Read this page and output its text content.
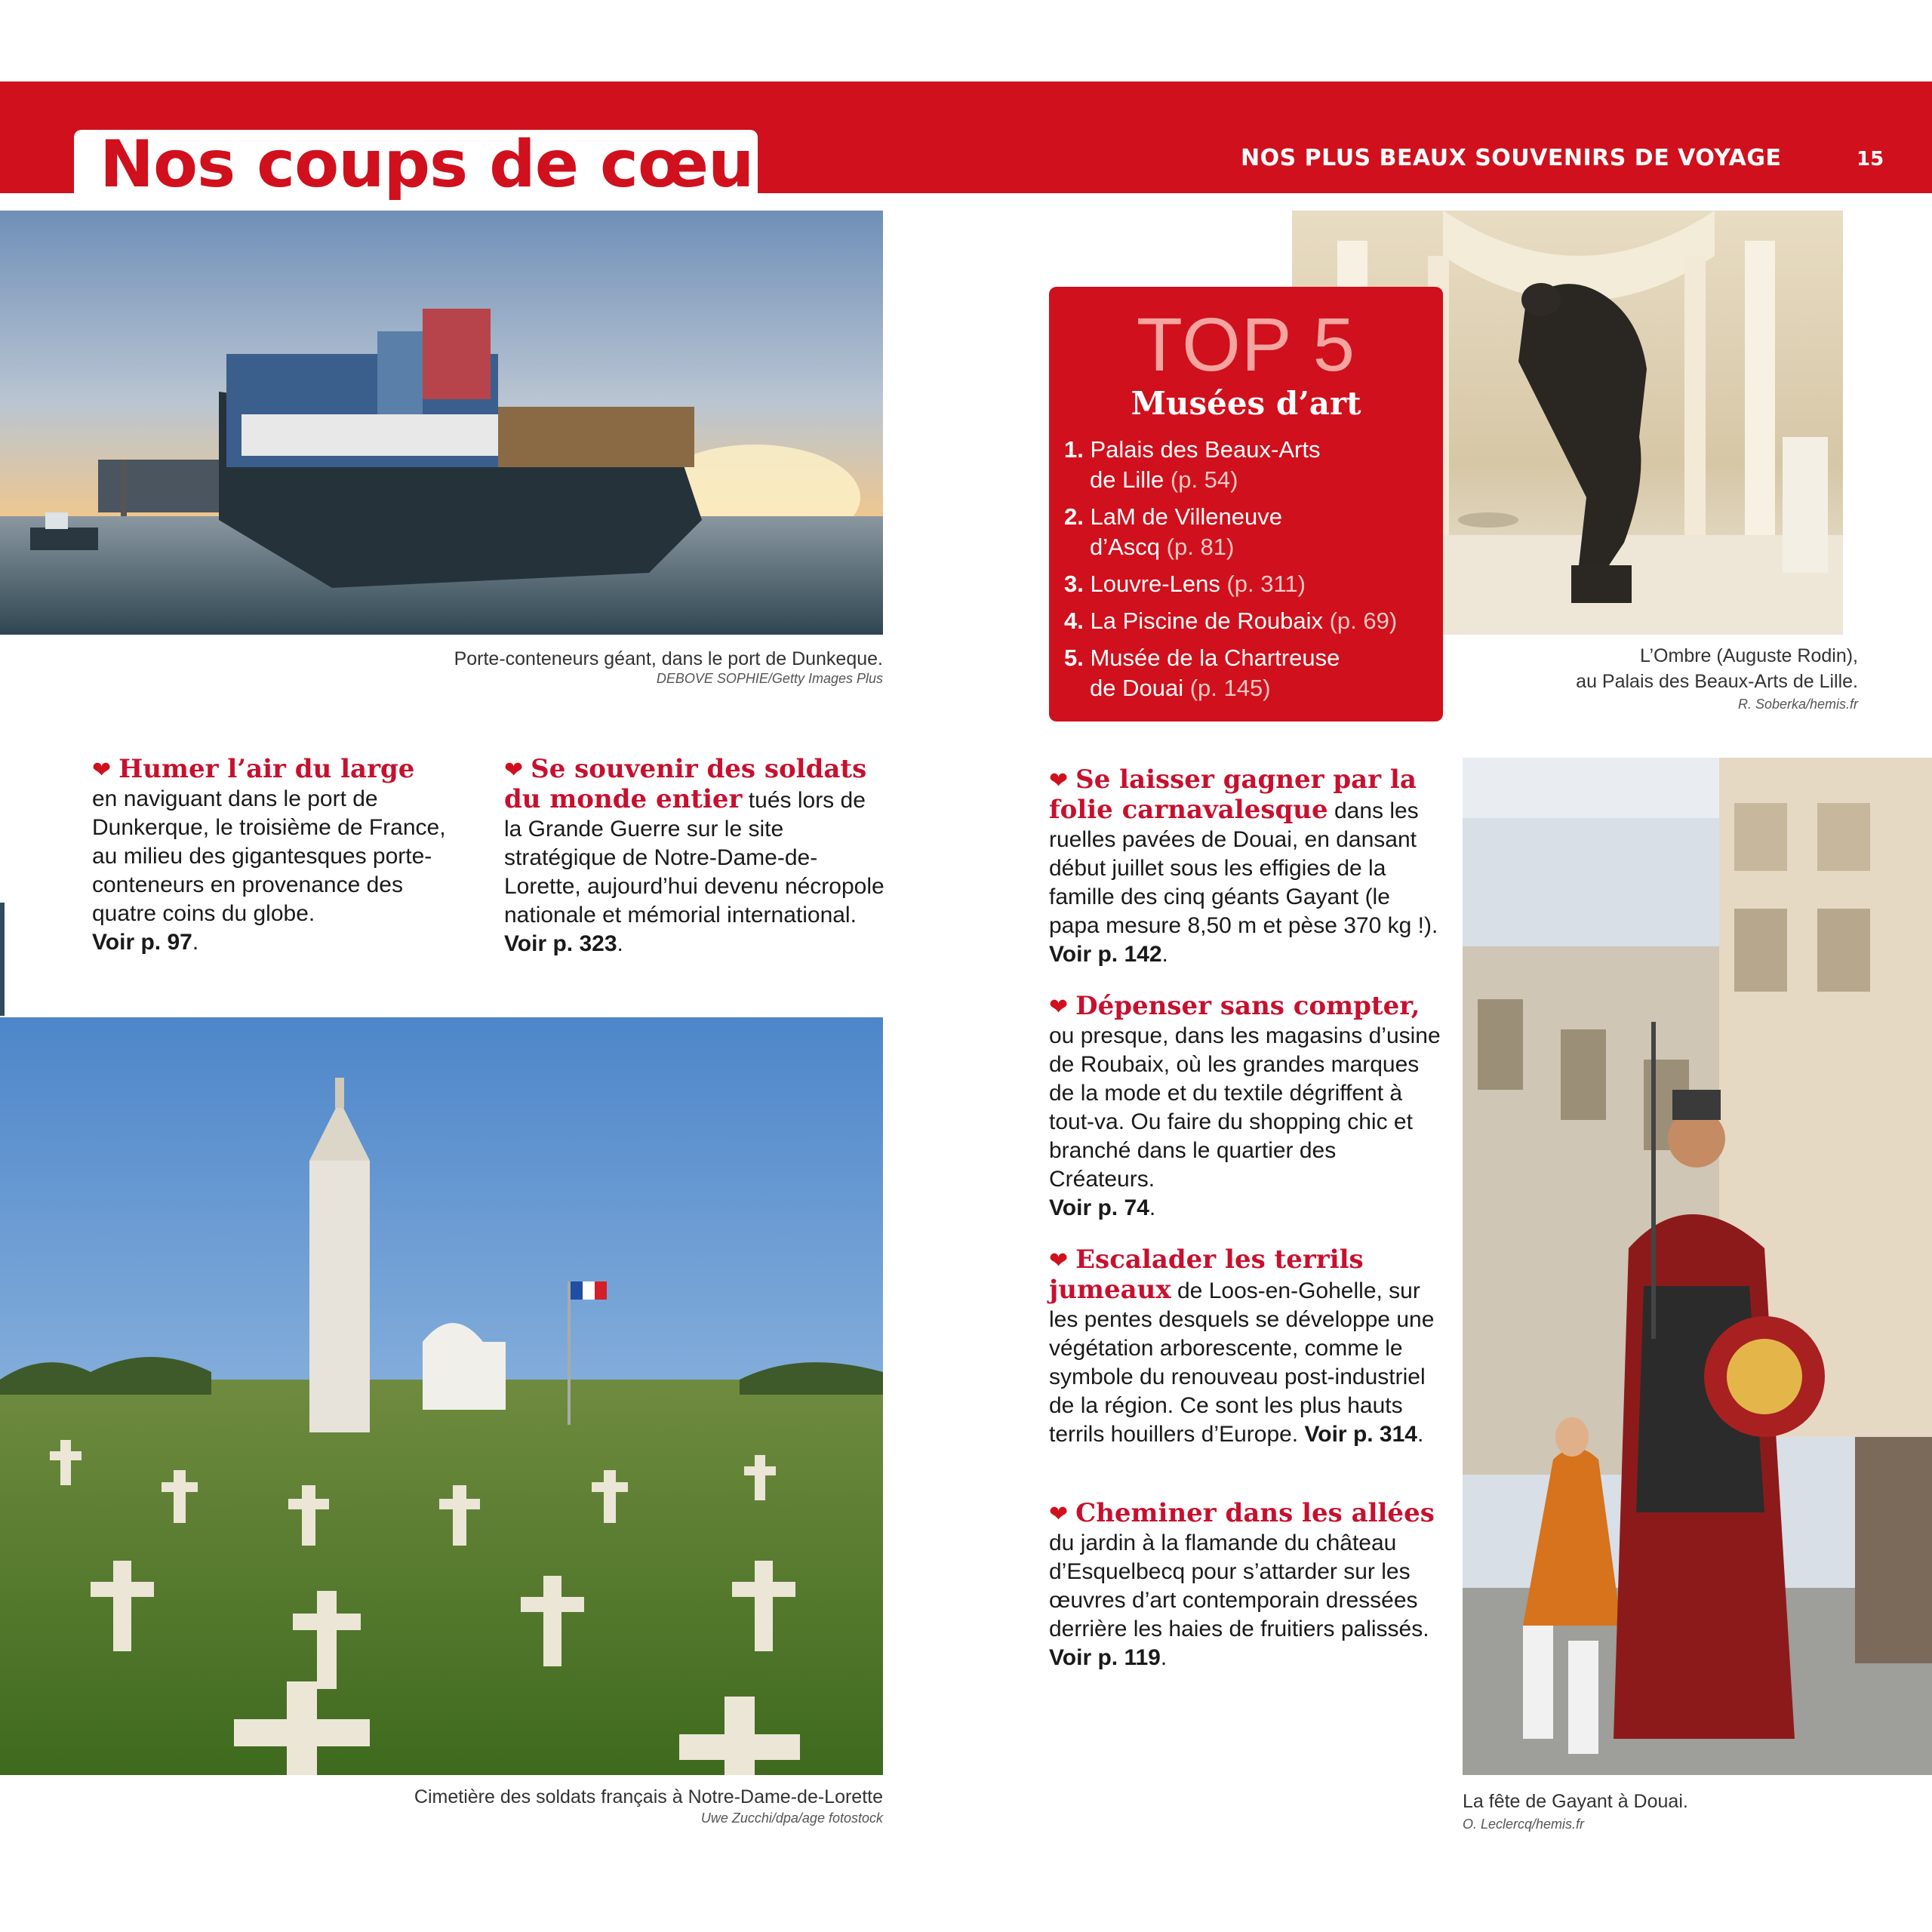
Nos coups de cœur	NOS PLUS BEAUX SOUVENIRS DE VOYAGE	15
Porte-conteneurs géant, dans le port de Dunkeque.
DEBOVE SOPHIE/Getty Images Plus
L’Ombre (Auguste Rodin),
au Palais des Beaux-Arts de Lille.
R. Soberka/hemis.fr
TOP 5
Musées d’art
1. Palais des Beaux-Arts
de Lille (p. 54)
2. LaM de Villeneuve
d’Ascq (p. 81)
3. Louvre-Lens (p. 311)
4. La Piscine de Roubaix (p. 69)
5. Musée de la Chartreuse
de Douai (p. 145)
❤ Humer l’air du large
en naviguant dans le port de Dunkerque, le troisième de France, au milieu des gigantesques porte-conteneurs en provenance des quatre coins du globe.
Voir p. 97.
❤ Se souvenir des soldats du monde entier tués lors de la Grande Guerre sur le site stratégique de Notre-Dame-de-Lorette, aujourd’hui devenu nécropole nationale et mémorial international.
Voir p. 323.
Cimetière des soldats français à Notre-Dame-de-Lorette
Uwe Zucchi/dpa/age fotostock
❤ Se laisser gagner par la folie carnavalesque dans les ruelles pavées de Douai, en dansant début juillet sous les effigies de la famille des cinq géants Gayant (le papa mesure 8,50 m et pèse 370 kg !). Voir p. 142.
❤ Dépenser sans compter,
ou presque, dans les magasins d’usine de Roubaix, où les grandes marques de la mode et du textile dégriffent à tout-va. Ou faire du shopping chic et branché dans le quartier des Créateurs.
Voir p. 74.
❤ Escalader les terrils jumeaux de Loos-en-Gohelle, sur les pentes desquels se développe une végétation arborescente, comme le symbole du renouveau post-industriel de la région. Ce sont les plus hauts terrils houillers d’Europe. Voir p. 314.
❤ Cheminer dans les allées du jardin à la flamande du château d’Esquelbecq pour s’attarder sur les œuvres d’art contemporain dressées derrière les haies de fruitiers palissés.
Voir p. 119.
La fête de Gayant à Douai.
O. Leclercq/hemis.fr
